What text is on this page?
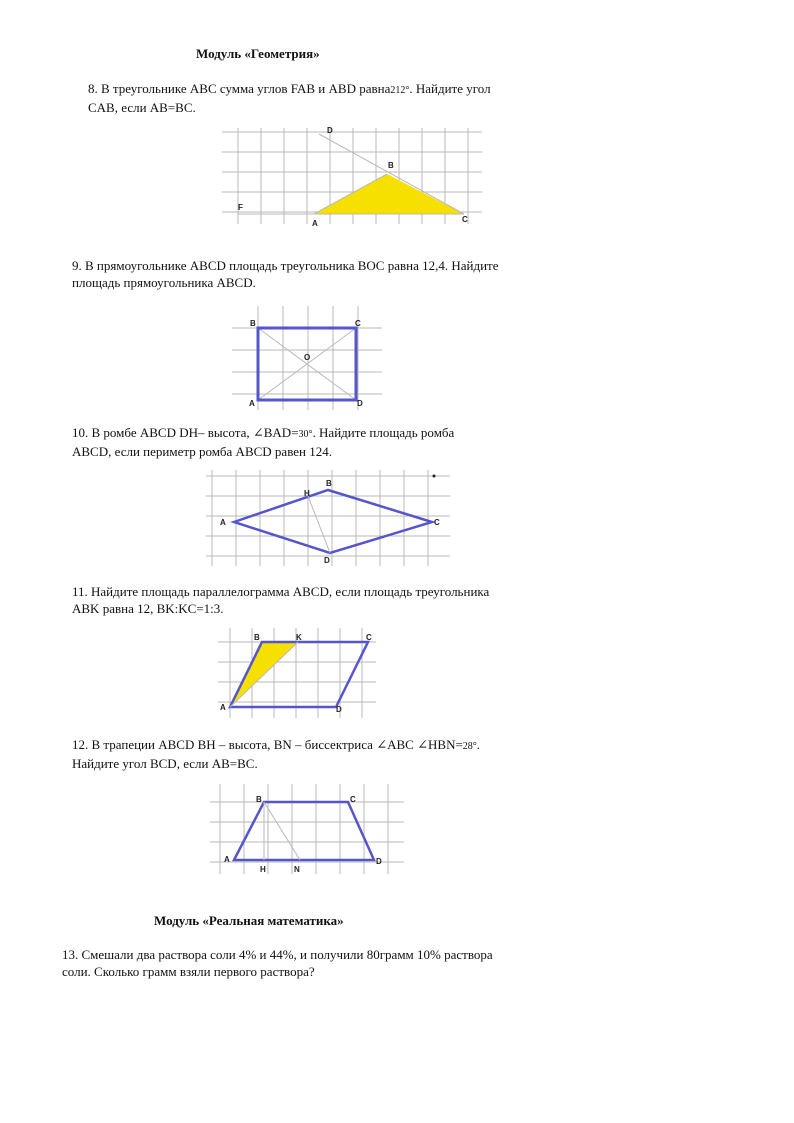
Модуль «Геометрия»
8. В треугольнике ABC сумма углов FAB и ABD равна212°. Найдите угол
CAB, если AB=BC.
D
B
F
A	C
9. В прямоугольнике ABCD площадь треугольника BOC равна 12,4. Найдите
площадь прямоугольника ABCD.
B	C
O
A	D
10. В ромбе ABCD DH– высота, ∠BAD=30°. Найдите площадь ромба
ABCD, если периметр ромба ABCD равен 124.
H
B
A	C
D
11. Найдите площадь параллелограмма ABCD, если площадь треугольника
ABK равна 12, BK:KC=1:3.
B	K	C
A	D
12. В трапеции ABCD BH – высота, BN – биссектриса ∠ABC ∠HBN=28°.
Найдите угол BCD, если AB=BC.
B	C
A
H	N
D
Модуль «Реальная математика»
13. Смешали два раствора соли 4% и 44%, и получили 80грамм 10% раствора
соли. Сколько грамм взяли первого раствора?
